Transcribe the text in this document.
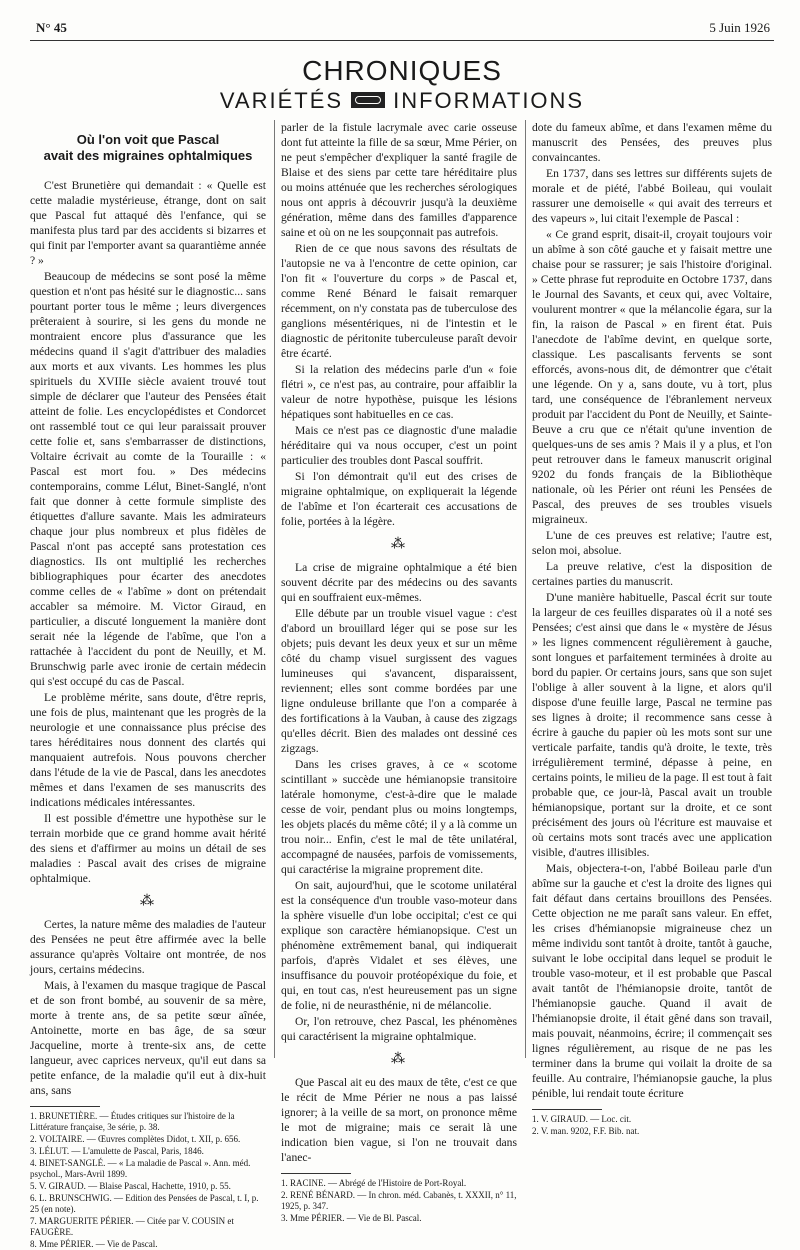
N° 45	5 Juin 1926
CHRONIQUES
VARIÉTÉS INFORMATIONS
Où l'on voit que Pascal
avait des migraines ophtalmiques

C'est Brunetière qui demandait : « Quelle est cette maladie mystérieuse, étrange, dont on sait que Pascal fut attaqué dès l'enfance, qui se manifesta plus tard par des accidents si bizarres et qui finit par l'emporter avant sa quarantième année ? »

Beaucoup de médecins se sont posé la même question et n'ont pas hésité sur le diagnostic... sans pourtant porter tous le même ; leurs divergences prêteraient à sourire, si les gens du monde ne montraient encore plus d'assurance que les médecins quand il s'agit d'attribuer des maladies aux morts et aux vivants. Les hommes les plus spirituels du XVIIIe siècle avaient trouvé tout simple de déclarer que l'auteur des Pensées était atteint de folie. Les encyclopédistes et Condorcet ont rassemblé tout ce qui leur paraissait prouver cette folie et, sans s'embarrasser de distinctions, Voltaire écrivait au comte de la Touraille : « Pascal est mort fou. » Des médecins contemporains, comme Lélut, Binet-Sanglé, n'ont fait que donner à cette formule simpliste des étiquettes d'allure savante. Mais les admirateurs chaque jour plus nombreux et plus fidèles de Pascal n'ont pas accepté sans protestation ces diagnostics. Ils ont multiplié les recherches bibliographiques pour écarter des anecdotes comme celles de « l'abîme » dont on prétendait accabler sa mémoire. M. Victor Giraud, en particulier, a discuté longuement la manière dont serait née la légende de l'abîme, que l'on a rattachée à l'accident du pont de Neuilly, et M. Brunschwig parle avec ironie de certain médecin qui s'est occupé du cas de Pascal.

Le problème mérite, sans doute, d'être repris, une fois de plus, maintenant que les progrès de la neurologie et une connaissance plus précise des tares héréditaires nous donnent des clartés qui manquaient autrefois. Nous pouvons chercher dans l'étude de la vie de Pascal, dans les anecdotes mêmes et dans l'examen de ses manuscrits des indications médicales intéressantes.

Il est possible d'émettre une hypothèse sur le terrain morbide que ce grand homme avait hérité des siens et d'affirmer au moins un détail de ses maladies : Pascal avait des crises de migraine ophtalmique.

⁂

Certes, la nature même des maladies de l'auteur des Pensées ne peut être affirmée avec la belle assurance qu'après Voltaire ont montrée, de nos jours, certains médecins.

Mais, à l'examen du masque tragique de Pascal et de son front bombé, au souvenir de sa mère, morte à trente ans, de sa petite sœur aînée, Antoinette, morte en bas âge, de sa sœur Jacqueline, morte à trente-six ans, de cette langueur, avec caprices nerveux, qu'il eut dans sa petite enfance, de la maladie qu'il eut à dix-huit ans, sans

1. BRUNETIÈRE. — Études critiques sur l'histoire de la Littérature française, 3e série, p. 38.

2. VOLTAIRE. — Œuvres complètes Didot, t. XII, p. 656.

3. LÉLUT. — L'amulette de Pascal, Paris, 1846.

4. BINET-SANGLÉ. — « La maladie de Pascal ». Ann. méd. psychol., Mars-Avril 1899.

5. V. GIRAUD. — Blaise Pascal, Hachette, 1910, p. 55.

6. L. BRUNSCHWIG. — Edition des Pensées de Pascal, t. I, p. 25 (en note).

7. MARGUERITE PÉRIER. — Citée par V. COUSIN et FAUGÈRE.

8. Mme PÉRIER. — Vie de Pascal.

parler de la fistule lacrymale avec carie osseuse dont fut atteinte la fille de sa sœur, Mme Périer, on ne peut s'empêcher d'expliquer la santé fragile de Blaise et des siens par cette tare héréditaire plus ou moins atténuée que les recherches sérologiques nous ont appris à découvrir jusqu'à la deuxième génération, même dans des familles d'apparence saine et où on ne les soupçonnait pas autrefois.

Rien de ce que nous savons des résultats de l'autopsie ne va à l'encontre de cette opinion, car l'on fit « l'ouverture du corps » de Pascal et, comme René Bénard le faisait remarquer récemment, on n'y constata pas de tuberculose des ganglions mésentériques, ni de l'intestin et le diagnostic de péritonite tuberculeuse paraît devoir être écarté.

Si la relation des médecins parle d'un « foie flétri », ce n'est pas, au contraire, pour affaiblir la valeur de notre hypothèse, puisque les lésions hépatiques sont habituelles en ce cas.

Mais ce n'est pas ce diagnostic d'une maladie héréditaire qui va nous occuper, c'est un point particulier des troubles dont Pascal souffrit.

Si l'on démontrait qu'il eut des crises de migraine ophtalmique, on expliquerait la légende de l'abîme et l'on écarterait ces accusations de folie, portées à la légère.

⁂

La crise de migraine ophtalmique a été bien souvent décrite par des médecins ou des savants qui en souffraient eux-mêmes.

Elle débute par un trouble visuel vague : c'est d'abord un brouillard léger qui se pose sur les objets; puis devant les deux yeux et sur un même côté du champ visuel surgissent des vagues lumineuses qui s'avancent, disparaissent, reviennent; elles sont comme bordées par une ligne onduleuse brillante que l'on a comparée à des fortifications à la Vauban, à cause des zigzags qu'elles décrit. Bien des malades ont dessiné ces zigzags.

Dans les crises graves, à ce « scotome scintillant » succède une hémianopsie transitoire latérale homonyme, c'est-à-dire que le malade cesse de voir, pendant plus ou moins longtemps, les objets placés du même côté; il y a là comme un trou noir... Enfin, c'est le mal de tête unilatéral, accompagné de nausées, parfois de vomissements, qui caractérise la migraine proprement dite.

On sait, aujourd'hui, que le scotome unilatéral est la conséquence d'un trouble vaso-moteur dans la sphère visuelle d'un lobe occipital; c'est ce qui explique son caractère hémianopsique. C'est un phénomène extrêmement banal, qui indiquerait parfois, d'après Vidalet et ses élèves, une insuffisance du pouvoir protéopéxique du foie, et qui, en tout cas, n'est heureusement pas un signe de folie, ni de neurasthénie, ni de mélancolie.

Or, l'on retrouve, chez Pascal, les phénomènes qui caractérisent la migraine ophtalmique.

⁂

Que Pascal ait eu des maux de tête, c'est ce que le récit de Mme Périer ne nous a pas laissé ignorer; à la veille de sa mort, on prononce même le mot de migraine; mais ce serait là une indication bien vague, si l'on ne trouvait dans l'anec-

1. RACINE. — Abrégé de l'Histoire de Port-Royal.

2. RENÉ BÉNARD. — In chron. méd. Cabanès, t. XXXII, n° 11, 1925, p. 347.

3. Mme PÉRIER. — Vie de Bl. Pascal.

dote du fameux abîme, et dans l'examen même du manuscrit des Pensées, des preuves plus convaincantes.

En 1737, dans ses lettres sur différents sujets de morale et de piété, l'abbé Boileau, qui voulait rassurer une demoiselle « qui avait des terreurs et des vapeurs », lui citait l'exemple de Pascal :

« Ce grand esprit, disait-il, croyait toujours voir un abîme à son côté gauche et y faisait mettre une chaise pour se rassurer; je sais l'histoire d'original. » Cette phrase fut reproduite en Octobre 1737, dans le Journal des Savants, et ceux qui, avec Voltaire, voulurent montrer « que la mélancolie égara, sur la fin, la raison de Pascal » en firent état. Puis l'anecdote de l'abîme devint, en quelque sorte, classique. Les pascalisants fervents se sont efforcés, avons-nous dit, de démontrer que c'était une légende. On y a, sans doute, vu à tort, plus tard, une conséquence de l'ébranlement nerveux produit par l'accident du Pont de Neuilly, et Sainte-Beuve a cru que ce n'était qu'une invention de quelques-uns de ses amis ? Mais il y a plus, et l'on peut retrouver dans le fameux manuscrit original 9202 du fonds français de la Bibliothèque nationale, où les Périer ont réuni les Pensées de Pascal, des preuves de ses troubles visuels migraineux.

L'une de ces preuves est relative; l'autre est, selon moi, absolue.

La preuve relative, c'est la disposition de certaines parties du manuscrit.

D'une manière habituelle, Pascal écrit sur toute la largeur de ces feuilles disparates où il a noté ses Pensées; c'est ainsi que dans le « mystère de Jésus » les lignes commencent régulièrement à gauche, sont longues et parfaitement terminées à droite au bord du papier. Or certains jours, sans que son sujet l'oblige à aller souvent à la ligne, et alors qu'il dispose d'une feuille large, Pascal ne termine pas ses lignes à droite; il recommence sans cesse à écrire à gauche du papier où les mots sont sur une verticale parfaite, tandis qu'à droite, le texte, très irrégulièrement terminé, dépasse à peine, en certains points, le milieu de la page. Il est tout à fait probable que, ce jour-là, Pascal avait un trouble hémianopsique, portant sur la droite, et ce sont précisément des jours où l'écriture est mauvaise et où certains mots sont tracés avec une application visible, d'autres illisibles.

Mais, objectera-t-on, l'abbé Boileau parle d'un abîme sur la gauche et c'est la droite des lignes qui fait défaut dans certains brouillons des Pensées. Cette objection ne me paraît sans valeur. En effet, les crises d'hémianopsie migraineuse chez un même individu sont tantôt à droite, tantôt à gauche, suivant le lobe occipital dans lequel se produit le trouble vaso-moteur, et il est probable que Pascal avait tantôt de l'hémianopsie droite, tantôt de l'hémianopsie gauche. Quand il avait de l'hémianopsie droite, il était gêné dans son travail, mais pouvait, néanmoins, écrire; il commençait ses lignes régulièrement, au risque de ne pas les terminer dans la brume qui voilait la droite de sa feuille. Au contraire, l'hémianopsie gauche, la plus pénible, lui rendait toute écriture

1. V. GIRAUD. — Loc. cit.

2. V. man. 9202, F.F. Bib. nat.
